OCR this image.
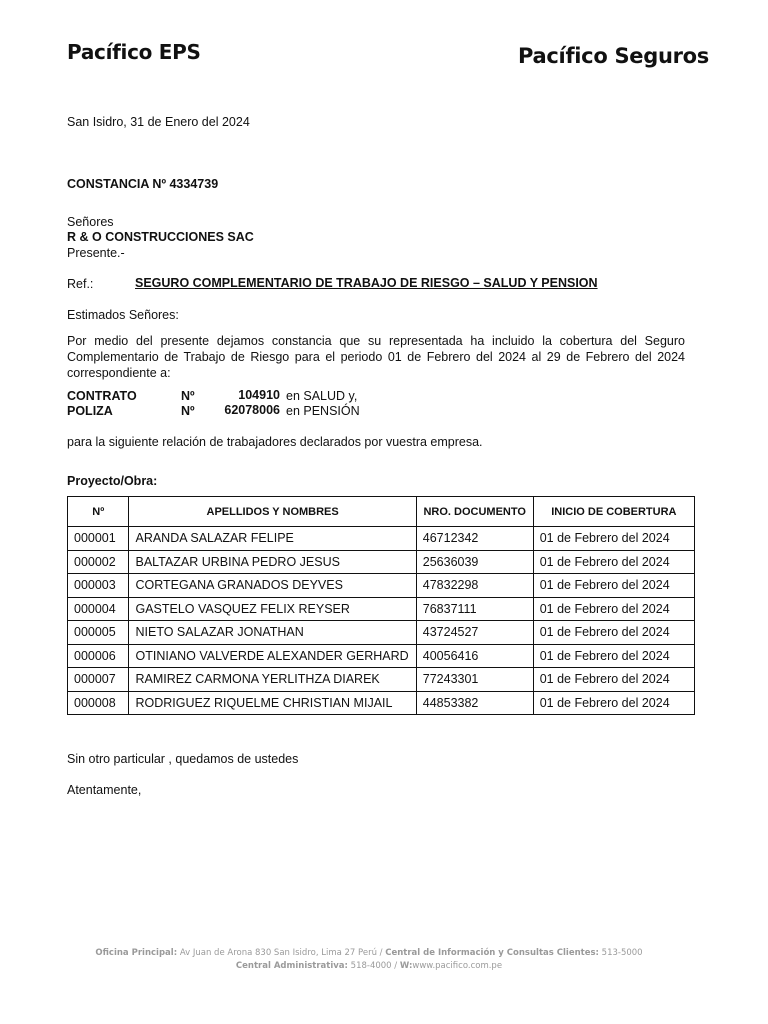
Pacífico EPS	Pacífico Seguros
San Isidro, 31 de Enero del 2024
CONSTANCIA Nº 4334739
Señores
R & O CONSTRUCCIONES SAC
Presente.-
Ref.:	SEGURO COMPLEMENTARIO DE TRABAJO DE RIESGO – SALUD Y PENSION
Estimados Señores:
Por medio del presente dejamos constancia que su representada ha incluido la cobertura del Seguro
Complementario de Trabajo de Riesgo para el periodo 01 de Febrero del 2024 al 29 de Febrero del 2024
correspondiente a:
CONTRATO	Nº	104910 en SALUD y,
POLIZA	Nº	62078006 en PENSIÓN
para la siguiente relación de trabajadores declarados por vuestra empresa.
Proyecto/Obra:
Nº	APELLIDOS Y NOMBRES	NRO. DOCUMENTO	INICIO DE COBERTURA
000001	ARANDA SALAZAR FELIPE	46712342	01 de Febrero del 2024
000002	BALTAZAR URBINA PEDRO JESUS	25636039	01 de Febrero del 2024
000003	CORTEGANA GRANADOS DEYVES	47832298	01 de Febrero del 2024
000004	GASTELO VASQUEZ FELIX REYSER	76837111	01 de Febrero del 2024
000005	NIETO SALAZAR JONATHAN	43724527	01 de Febrero del 2024
000006	OTINIANO VALVERDE ALEXANDER GERHARD	40056416	01 de Febrero del 2024
000007	RAMIREZ CARMONA YERLITHZA DIAREK	77243301	01 de Febrero del 2024
000008	RODRIGUEZ RIQUELME CHRISTIAN MIJAIL	44853382	01 de Febrero del 2024
Sin otro particular , quedamos de ustedes
Atentamente,
Oficina Principal: Av Juan de Arona 830 San Isidro, Lima 27 Perú / Central de Información y Consultas Clientes: 513-5000
Central Administrativa: 518-4000 / W:www.pacifico.com.pe
